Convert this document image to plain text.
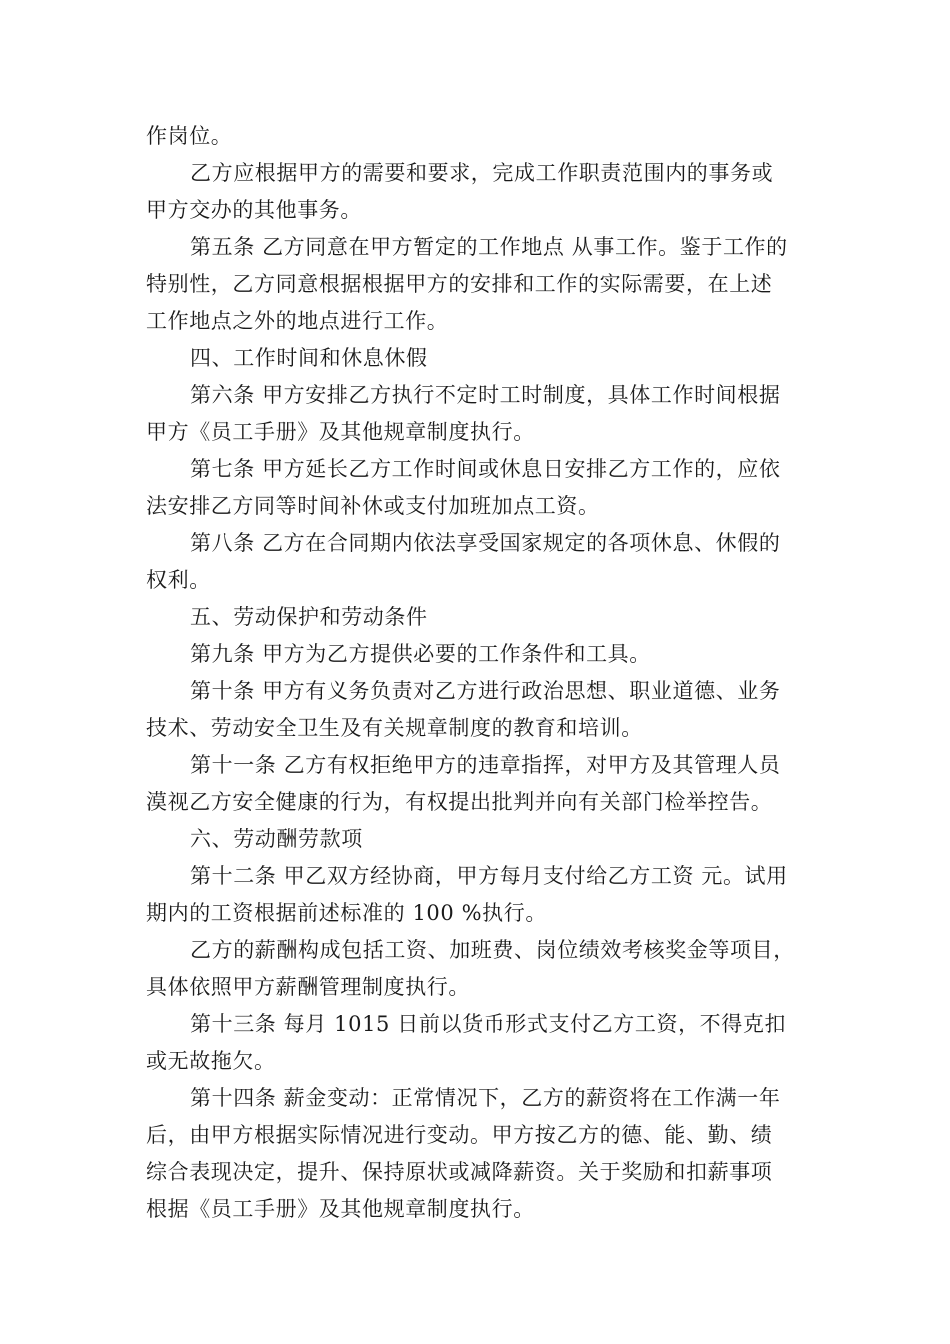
作岗位。
乙方应根据甲方的需要和要求，完成工作职责范围内的事务或
甲方交办的其他事务。
第五条 乙方同意在甲方暂定的工作地点 从事工作。鉴于工作的
特别性，乙方同意根据根据甲方的安排和工作的实际需要，在上述
工作地点之外的地点进行工作。
四、工作时间和休息休假
第六条 甲方安排乙方执行不定时工时制度，具体工作时间根据
甲方《员工手册》及其他规章制度执行。
第七条 甲方延长乙方工作时间或休息日安排乙方工作的，应依
法安排乙方同等时间补休或支付加班加点工资。
第八条 乙方在合同期内依法享受国家规定的各项休息、休假的
权利。
五、劳动保护和劳动条件
第九条 甲方为乙方提供必要的工作条件和工具。
第十条 甲方有义务负责对乙方进行政治思想、职业道德、业务
技术、劳动安全卫生及有关规章制度的教育和培训。
第十一条 乙方有权拒绝甲方的违章指挥，对甲方及其管理人员
漠视乙方安全健康的行为，有权提出批判并向有关部门检举控告。
六、劳动酬劳款项
第十二条 甲乙双方经协商，甲方每月支付给乙方工资 元。试用
期内的工资根据前述标准的 100 %执行。
乙方的薪酬构成包括工资、加班费、岗位绩效考核奖金等项目，
具体依照甲方薪酬管理制度执行。
第十三条 每月 1015 日前以货币形式支付乙方工资，不得克扣
或无故拖欠。
第十四条 薪金变动：正常情况下，乙方的薪资将在工作满一年
后，由甲方根据实际情况进行变动。甲方按乙方的德、能、勤、绩
综合表现决定，提升、保持原状或减降薪资。关于奖励和扣薪事项
根据《员工手册》及其他规章制度执行。
